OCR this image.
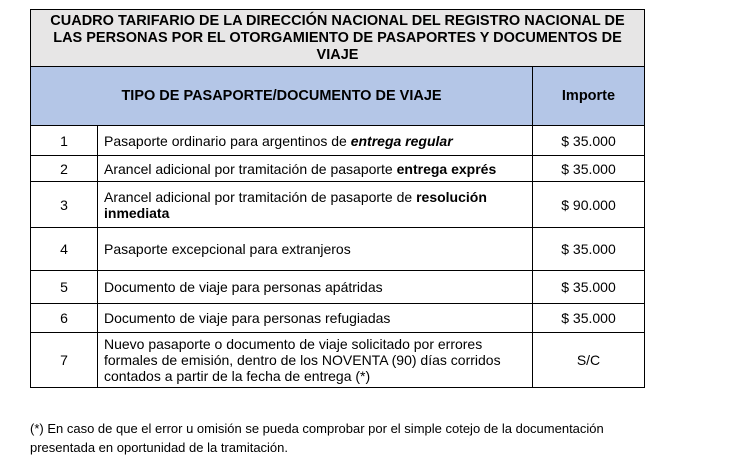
CUADRO TARIFARIO DE LA DIRECCIÓN NACIONAL DEL REGISTRO NACIONAL DE LAS PERSONAS POR EL OTORGAMIENTO DE PASAPORTES Y DOCUMENTOS DE VIAJE		
TIPO DE PASAPORTE/DOCUMENTO DE VIAJE		Importe
1	Pasaporte ordinario para argentinos de entrega regular	$ 35.000
2	Arancel adicional por tramitación de pasaporte entrega exprés	$ 35.000
3	Arancel adicional por tramitación de pasaporte de resolución inmediata	$ 90.000
4	Pasaporte excepcional para extranjeros	$ 35.000
5	Documento de viaje para personas apátridas	$ 35.000
6	Documento de viaje para personas refugiadas	$ 35.000
7	Nuevo pasaporte o documento de viaje solicitado por errores formales de emisión, dentro de los NOVENTA (90) días corridos contados a partir de la fecha de entrega (*)	S/C
(*) En caso de que el error u omisión se pueda comprobar por el simple cotejo de la documentación presentada en oportunidad de la tramitación.
